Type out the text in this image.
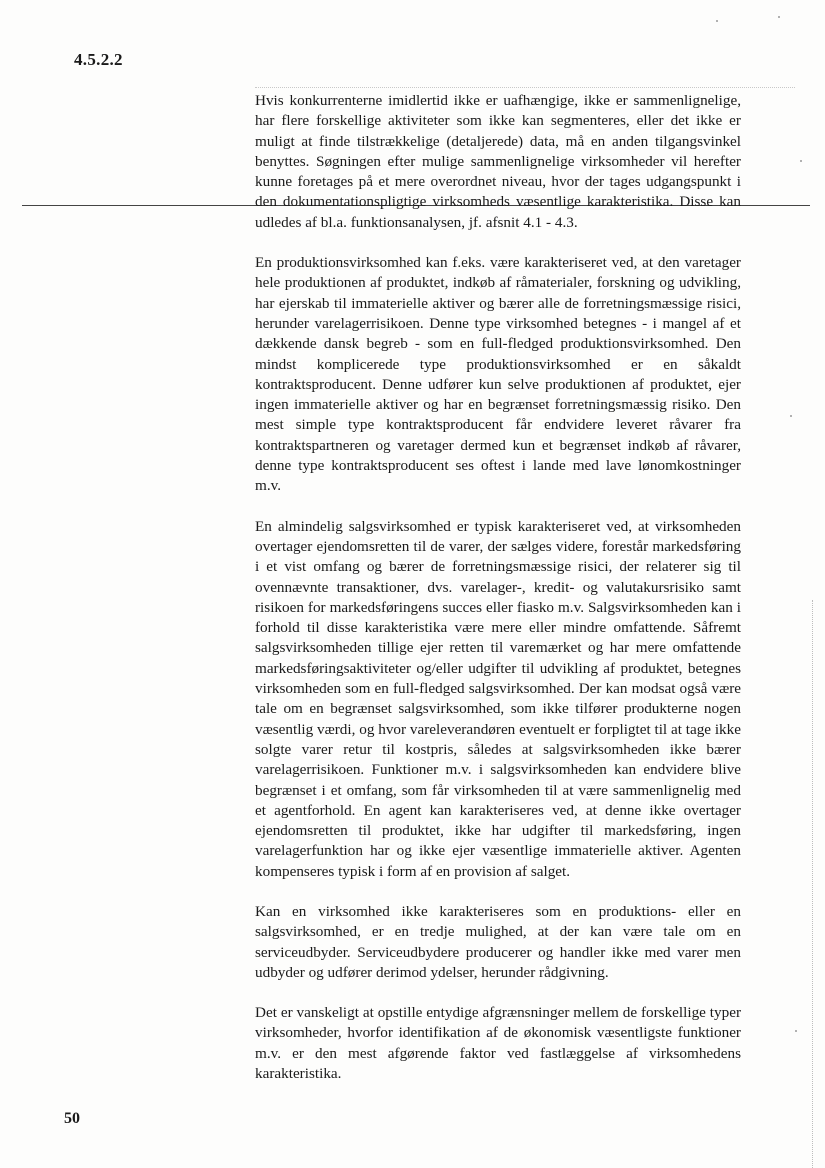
4.5.2.2

Hvis konkurrenterne imidlertid ikke er uafhængige, ikke er sammenlignelige, har flere forskellige aktiviteter som ikke kan segmenteres, eller det ikke er muligt at finde tilstrækkelige (detaljerede) data, må en anden tilgangsvinkel benyttes. Søgningen efter mulige sammenlignelige virksomheder vil herefter kunne foretages på et mere overordnet niveau, hvor der tages udgangspunkt i den dokumentationspligtige virksomheds væsentlige karakteristika. Disse kan udledes af bl.a. funktionsanalysen, jf. afsnit 4.1 - 4.3.

En produktionsvirksomhed kan f.eks. være karakteriseret ved, at den varetager hele produktionen af produktet, indkøb af råmaterialer, forskning og udvikling, har ejerskab til immaterielle aktiver og bærer alle de forretningsmæssige risici, herunder varelagerrisikoen. Denne type virksomhed betegnes - i mangel af et dækkende dansk begreb - som en full-fledged produktionsvirksomhed. Den mindst komplicerede type produktionsvirksomhed er en såkaldt kontraktsproducent. Denne udfører kun selve produktionen af produktet, ejer ingen immaterielle aktiver og har en begrænset forretningsmæssig risiko. Den mest simple type kontraktsproducent får endvidere leveret råvarer fra kontraktspartneren og varetager dermed kun et begrænset indkøb af råvarer, denne type kontraktsproducent ses oftest i lande med lave lønomkostninger m.v.

En almindelig salgsvirksomhed er typisk karakteriseret ved, at virksomheden overtager ejendomsretten til de varer, der sælges videre, forestår markedsføring i et vist omfang og bærer de forretningsmæssige risici, der relaterer sig til ovennævnte transaktioner, dvs. varelager-, kredit- og valutakursrisiko samt risikoen for markedsføringens succes eller fiasko m.v. Salgsvirksomheden kan i forhold til disse karakteristika være mere eller mindre omfattende. Såfremt salgsvirksomheden tillige ejer retten til varemærket og har mere omfattende markedsføringsaktiviteter og/eller udgifter til udvikling af produktet, betegnes virksomheden som en full-fledged salgsvirksomhed. Der kan modsat også være tale om en begrænset salgsvirksomhed, som ikke tilfører produkterne nogen væsentlig værdi, og hvor vareleverandøren eventuelt er forpligtet til at tage ikke solgte varer retur til kostpris, således at salgsvirksomheden ikke bærer varelagerrisikoen. Funktioner m.v. i salgsvirksomheden kan endvidere blive begrænset i et omfang, som får virksomheden til at være sammenlignelig med et agentforhold. En agent kan karakteriseres ved, at denne ikke overtager ejendomsretten til produktet, ikke har udgifter til markedsføring, ingen varelagerfunktion har og ikke ejer væsentlige immaterielle aktiver. Agenten kompenseres typisk i form af en provision af salget.

Kan en virksomhed ikke karakteriseres som en produktions- eller en salgsvirksomhed, er en tredje mulighed, at der kan være tale om en serviceudbyder. Serviceudbydere producerer og handler ikke med varer men udbyder og udfører derimod ydelser, herunder rådgivning.

Det er vanskeligt at opstille entydige afgrænsninger mellem de forskellige typer virksomheder, hvorfor identifikation af de økonomisk væsentligste funktioner m.v. er den mest afgørende faktor ved fastlæggelse af virksomhedens karakteristika.

50
